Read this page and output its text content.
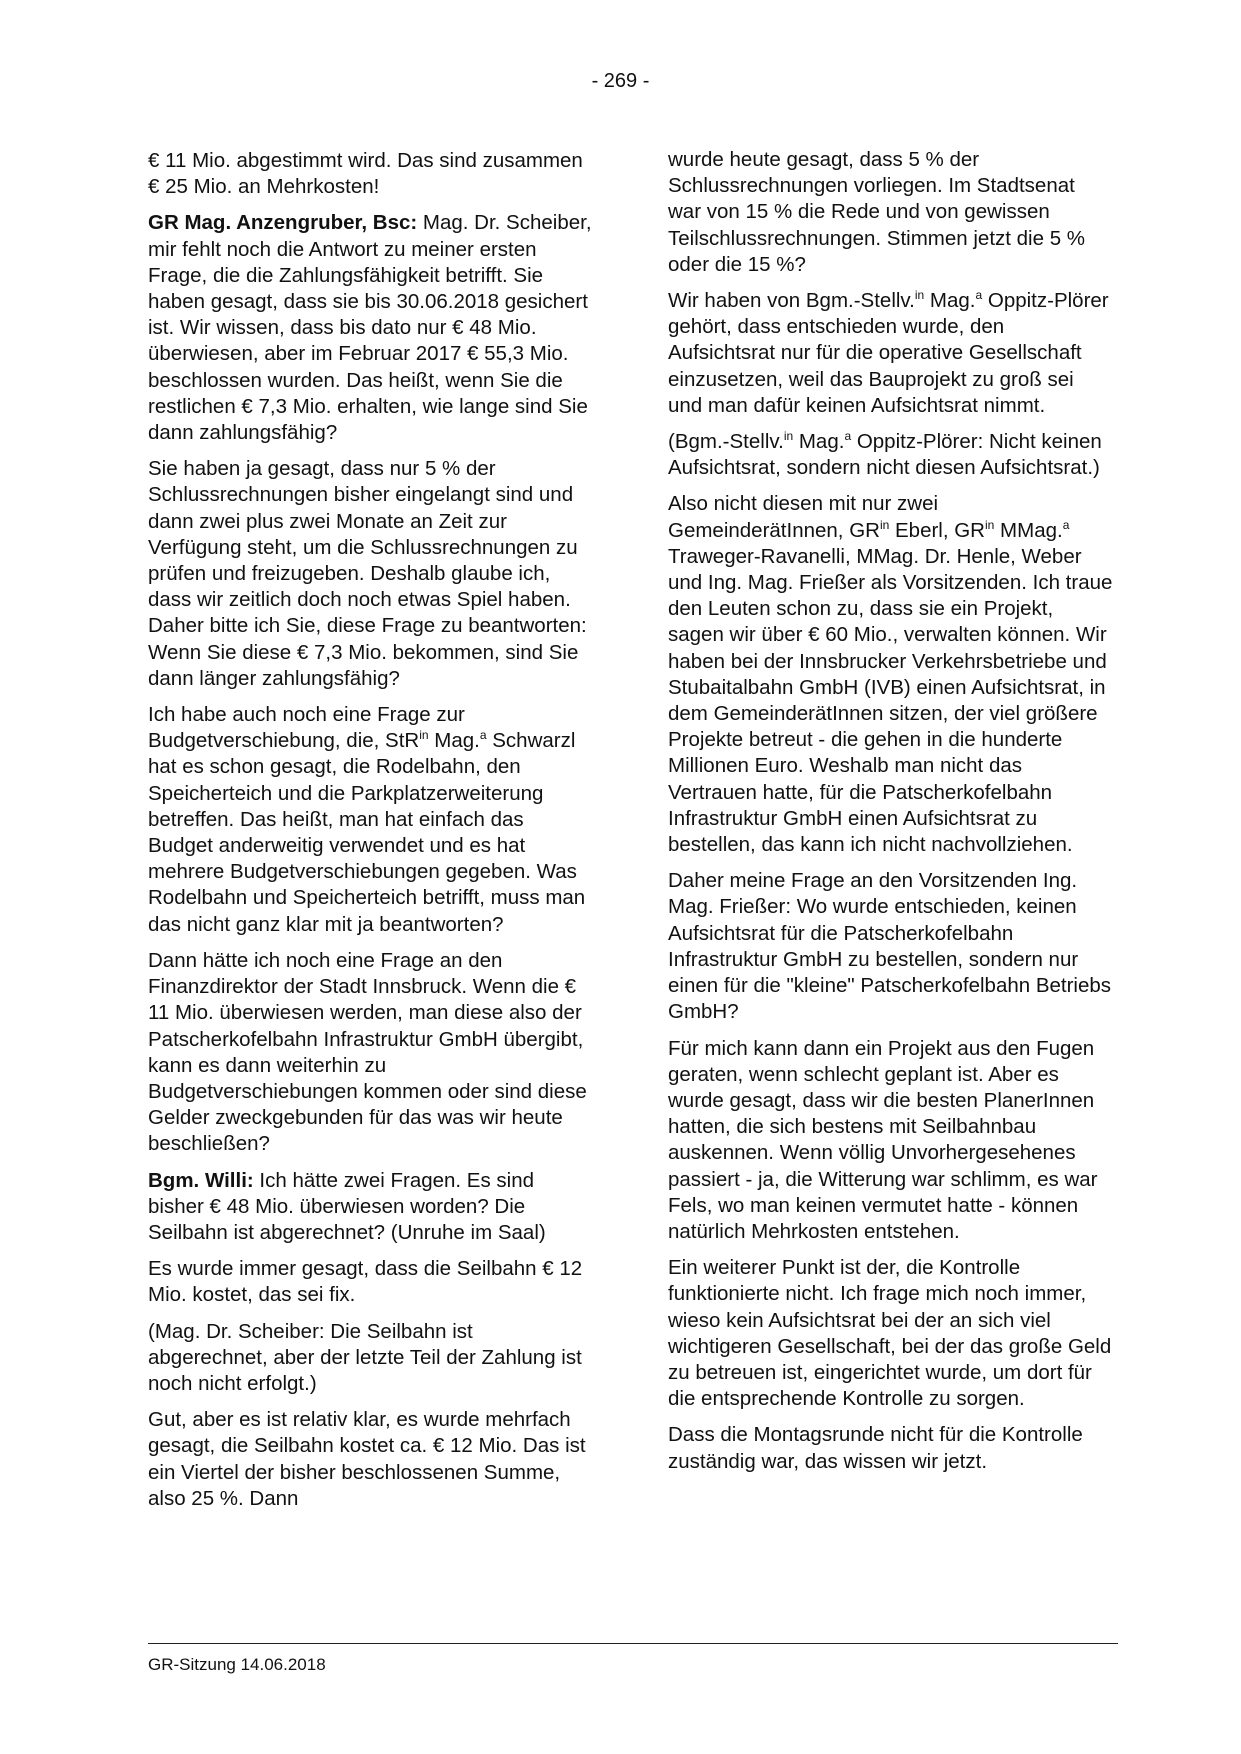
- 269 -

€ 11 Mio. abgestimmt wird. Das sind zusammen € 25 Mio. an Mehrkosten!

GR Mag. Anzengruber, Bsc: Mag. Dr. Scheiber, mir fehlt noch die Antwort zu meiner ersten Frage, die die Zahlungsfähigkeit betrifft. Sie haben gesagt, dass sie bis 30.06.2018 gesichert ist. Wir wissen, dass bis dato nur € 48 Mio. überwiesen, aber im Februar 2017 € 55,3 Mio. beschlossen wurden. Das heißt, wenn Sie die restlichen € 7,3 Mio. erhalten, wie lange sind Sie dann zahlungsfähig?

Sie haben ja gesagt, dass nur 5 % der Schlussrechnungen bisher eingelangt sind und dann zwei plus zwei Monate an Zeit zur Verfügung steht, um die Schlussrechnungen zu prüfen und freizugeben. Deshalb glaube ich, dass wir zeitlich doch noch etwas Spiel haben. Daher bitte ich Sie, diese Frage zu beantworten: Wenn Sie diese € 7,3 Mio. bekommen, sind Sie dann länger zahlungsfähig?

Ich habe auch noch eine Frage zur Budgetverschiebung, die, StR$^{in}$ Mag.$^a$ Schwarzl hat es schon gesagt, die Rodelbahn, den Speicherteich und die Parkplatzerweiterung betreffen. Das heißt, man hat einfach das Budget anderweitig verwendet und es hat mehrere Budgetverschiebungen gegeben. Was Rodelbahn und Speicherteich betrifft, muss man das nicht ganz klar mit ja beantworten?

Dann hätte ich noch eine Frage an den Finanzdirektor der Stadt Innsbruck. Wenn die € 11 Mio. überwiesen werden, man diese also der Patscherkofelbahn Infrastruktur GmbH übergibt, kann es dann weiterhin zu Budgetverschiebungen kommen oder sind diese Gelder zweckgebunden für das was wir heute beschließen?

Bgm. Willi: Ich hätte zwei Fragen. Es sind bisher € 48 Mio. überwiesen worden? Die Seilbahn ist abgerechnet? (Unruhe im Saal)

Es wurde immer gesagt, dass die Seilbahn € 12 Mio. kostet, das sei fix.

(Mag. Dr. Scheiber: Die Seilbahn ist abgerechnet, aber der letzte Teil der Zahlung ist noch nicht erfolgt.)

Gut, aber es ist relativ klar, es wurde mehrfach gesagt, die Seilbahn kostet ca. € 12 Mio. Das ist ein Viertel der bisher beschlossenen Summe, also 25 %. Dann

wurde heute gesagt, dass 5 % der Schlussrechnungen vorliegen. Im Stadtsenat war von 15 % die Rede und von gewissen Teilschlussrechnungen. Stimmen jetzt die 5 % oder die 15 %?

Wir haben von Bgm.-Stellv.$^{in}$ Mag.$^a$ Oppitz-Plörer gehört, dass entschieden wurde, den Aufsichtsrat nur für die operative Gesellschaft einzusetzen, weil das Bauprojekt zu groß sei und man dafür keinen Aufsichtsrat nimmt.

(Bgm.-Stellv.$^{in}$ Mag.$^a$ Oppitz-Plörer: Nicht keinen Aufsichtsrat, sondern nicht diesen Aufsichtsrat.)

Also nicht diesen mit nur zwei GemeinderätInnen, $GR^{in}$ Eberl, $GR^{in}$ MMag.$^a$ Traweger-Ravanelli, MMag. Dr. Henle, Weber und Ing. Mag. Frießer als Vorsitzenden. Ich traue den Leuten schon zu, dass sie ein Projekt, sagen wir über € 60 Mio., verwalten können. Wir haben bei der Innsbrucker Verkehrsbetriebe und Stubaitalbahn GmbH (IVB) einen Aufsichtsrat, in dem GemeinderätInnen sitzen, der viel größere Projekte betreut - die gehen in die hunderte Millionen Euro. Weshalb man nicht das Vertrauen hatte, für die Patscherkofelbahn Infrastruktur GmbH einen Aufsichtsrat zu bestellen, das kann ich nicht nachvollziehen.

Daher meine Frage an den Vorsitzenden Ing. Mag. Frießer: Wo wurde entschieden, keinen Aufsichtsrat für die Patscherkofelbahn Infrastruktur GmbH zu bestellen, sondern nur einen für die "kleine" Patscherkofelbahn Betriebs GmbH?

Für mich kann dann ein Projekt aus den Fugen geraten, wenn schlecht geplant ist. Aber es wurde gesagt, dass wir die besten PlanerInnen hatten, die sich bestens mit Seilbahnbau auskennen. Wenn völlig Unvorhergesehenes passiert - ja, die Witterung war schlimm, es war Fels, wo man keinen vermutet hatte - können natürlich Mehrkosten entstehen.

Ein weiterer Punkt ist der, die Kontrolle funktionierte nicht. Ich frage mich noch immer, wieso kein Aufsichtsrat bei der an sich viel wichtigeren Gesellschaft, bei der das große Geld zu betreuen ist, eingerichtet wurde, um dort für die entsprechende Kontrolle zu sorgen.

Dass die Montagsrunde nicht für die Kontrolle zuständig war, das wissen wir jetzt.

GR-Sitzung 14.06.2018
